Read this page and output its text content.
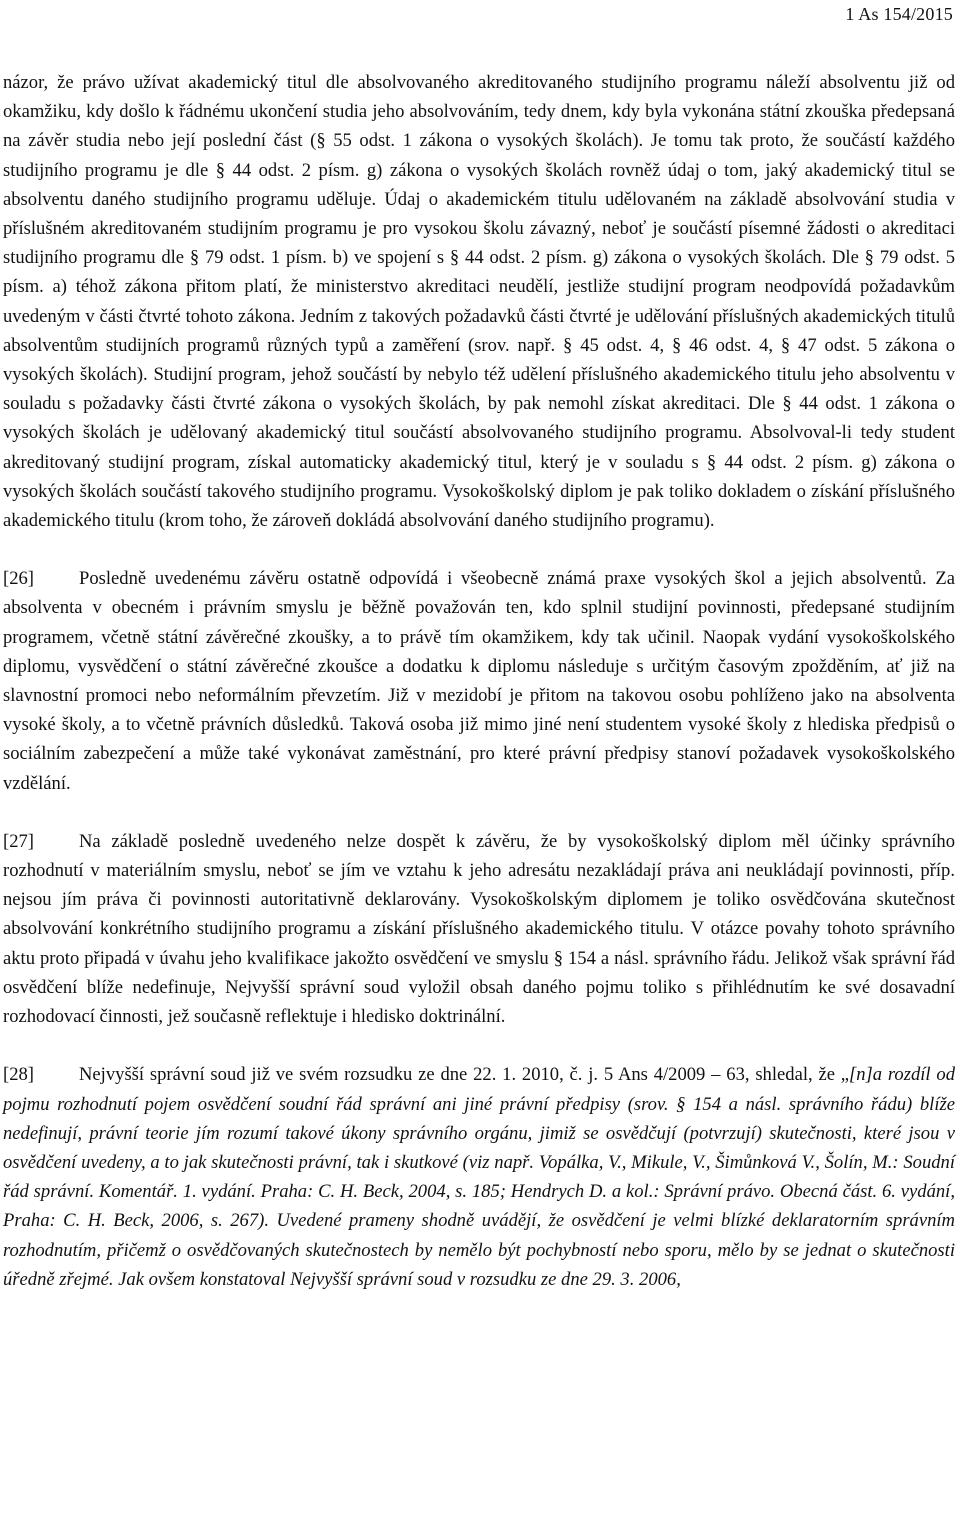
1 As 154/2015

názor, že právo užívat akademický titul dle absolvovaného akreditovaného studijního programu náleží absolventu již od okamžiku, kdy došlo k řádnému ukončení studia jeho absolvováním, tedy dnem, kdy byla vykonána státní zkouška předepsaná na závěr studia nebo její poslední část (§ 55 odst. 1 zákona o vysokých školách). Je tomu tak proto, že součástí každého studijního programu je dle § 44 odst. 2 písm. g) zákona o vysokých školách rovněž údaj o tom, jaký akademický titul se absolventu daného studijního programu uděluje. Údaj o akademickém titulu udělovaném na základě absolvování studia v příslušném akreditovaném studijním programu je pro vysokou školu závazný, neboť je součástí písemné žádosti o akreditaci studijního programu dle § 79 odst. 1 písm. b) ve spojení s § 44 odst. 2 písm. g) zákona o vysokých školách. Dle § 79 odst. 5 písm. a) téhož zákona přitom platí, že ministerstvo akreditaci neudělí, jestliže studijní program neodpovídá požadavkům uvedeným v části čtvrté tohoto zákona. Jedním z takových požadavků části čtvrté je udělování příslušných akademických titulů absolventům studijních programů různých typů a zaměření (srov. např. § 45 odst. 4, § 46 odst. 4, § 47 odst. 5 zákona o vysokých školách). Studijní program, jehož součástí by nebylo též udělení příslušného akademického titulu jeho absolventu v souladu s požadavky části čtvrté zákona o vysokých školách, by pak nemohl získat akreditaci. Dle § 44 odst. 1 zákona o vysokých školách je udělovaný akademický titul součástí absolvovaného studijního programu. Absolvoval-li tedy student akreditovaný studijní program, získal automaticky akademický titul, který je v souladu s § 44 odst. 2 písm. g) zákona o vysokých školách součástí takového studijního programu. Vysokoškolský diplom je pak toliko dokladem o získání příslušného akademického titulu (krom toho, že zároveň dokládá absolvování daného studijního programu).

[26] Posledně uvedenému závěru ostatně odpovídá i všeobecně známá praxe vysokých škol a jejich absolventů. Za absolventa v obecném i právním smyslu je běžně považován ten, kdo splnil studijní povinnosti, předepsané studijním programem, včetně státní závěrečné zkoušky, a to právě tím okamžikem, kdy tak učinil. Naopak vydání vysokoškolského diplomu, vysvědčení o státní závěrečné zkoušce a dodatku k diplomu následuje s určitým časovým zpožděním, ať již na slavnostní promoci nebo neformálním převzetím. Již v mezidobí je přitom na takovou osobu pohlíženo jako na absolventa vysoké školy, a to včetně právních důsledků. Taková osoba již mimo jiné není studentem vysoké školy z hlediska předpisů o sociálním zabezpečení a může také vykonávat zaměstnání, pro které právní předpisy stanoví požadavek vysokoškolského vzdělání.

[27] Na základě posledně uvedeného nelze dospět k závěru, že by vysokoškolský diplom měl účinky správního rozhodnutí v materiálním smyslu, neboť se jím ve vztahu k jeho adresátu nezakládají práva ani neukládají povinnosti, příp. nejsou jím práva či povinnosti autoritativně deklarovány. Vysokoškolským diplomem je toliko osvědčována skutečnost absolvování konkrétního studijního programu a získání příslušného akademického titulu. V otázce povahy tohoto správního aktu proto připadá v úvahu jeho kvalifikace jakožto osvědčení ve smyslu § 154 a násl. správního řádu. Jelikož však správní řád osvědčení blíže nedefinuje, Nejvyšší správní soud vyložil obsah daného pojmu toliko s přihlédnutím ke své dosavadní rozhodovací činnosti, jež současně reflektuje i hledisko doktrinální.

[28] Nejvyšší správní soud již ve svém rozsudku ze dne 22. 1. 2010, č. j. 5 Ans 4/2009 – 63, shledal, že „[n]a rozdíl od pojmu rozhodnutí pojem osvědčení soudní řád správní ani jiné právní předpisy (srov. § 154 a násl. správního řádu) blíže nedefinují, právní teorie jím rozumí takové úkony správního orgánu, jimiž se osvědčují (potvrzují) skutečnosti, které jsou v osvědčení uvedeny, a to jak skutečnosti právní, tak i skutkové (viz např. Vopálka, V., Mikule, V., Šimůnková V., Šolín, M.: Soudní řád správní. Komentář. 1. vydání. Praha: C. H. Beck, 2004, s. 185; Hendrych D. a kol.: Správní právo. Obecná část. 6. vydání, Praha: C. H. Beck, 2006, s. 267). Uvedené prameny shodně uvádějí, že osvědčení je velmi blízké deklaratorním správním rozhodnutím, přičemž o osvědčovaných skutečnostech by nemělo být pochybností nebo sporu, mělo by se jednat o skutečnosti úředně zřejmé. Jak ovšem konstatoval Nejvyšší správní soud v rozsudku ze dne 29. 3. 2006,
